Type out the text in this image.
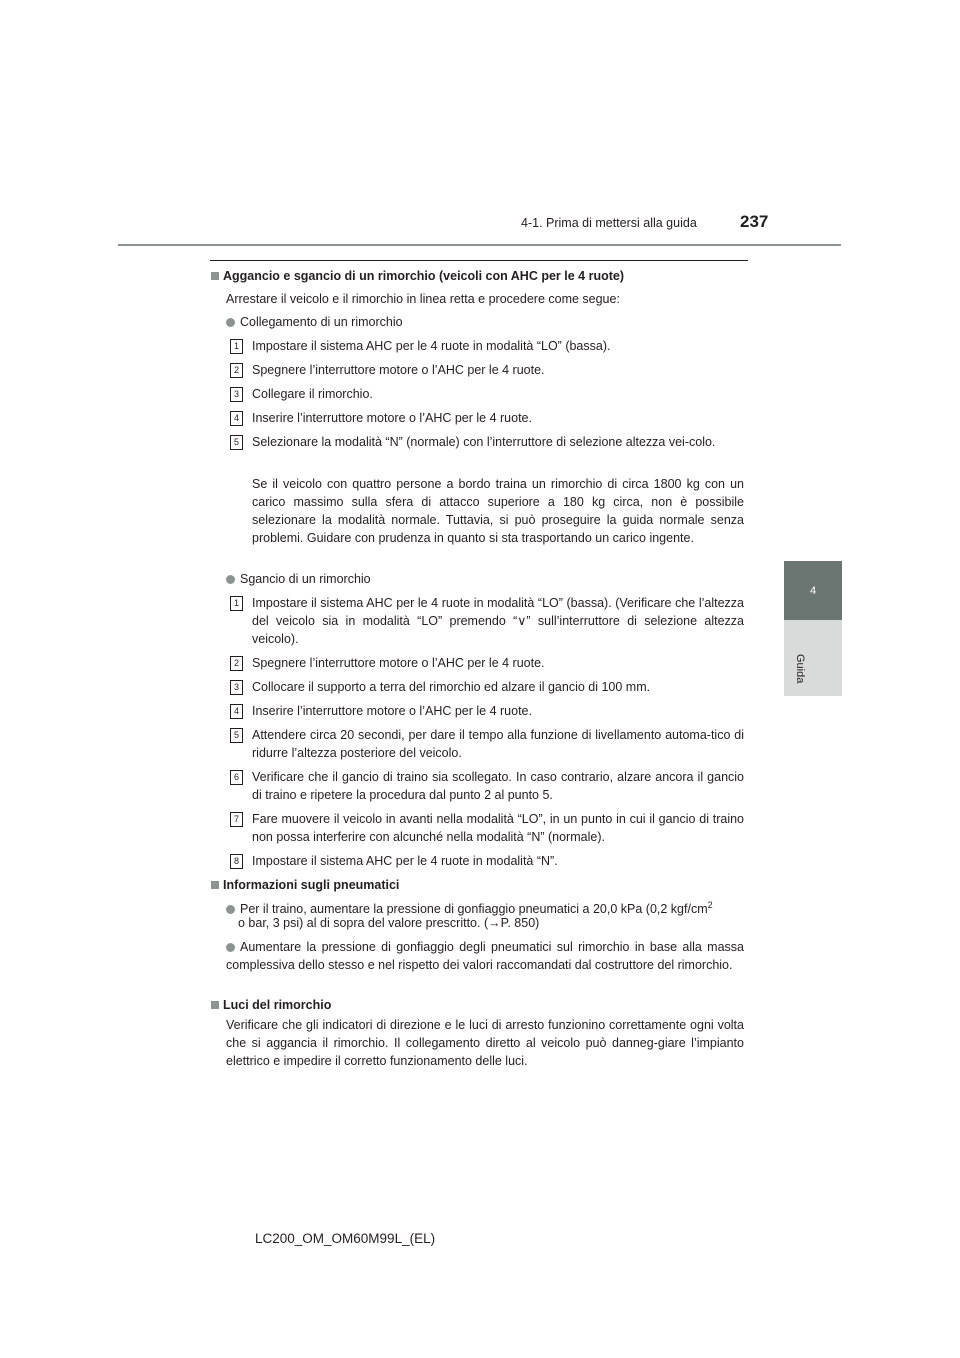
4-1. Prima di mettersi alla guida	237
4
Guida
Aggancio e sgancio di un rimorchio (veicoli con AHC per le 4 ruote)
Arrestare il veicolo e il rimorchio in linea retta e procedere come segue:
Collegamento di un rimorchio
1	Impostare il sistema AHC per le 4 ruote in modalità “LO” (bassa).
2	Spegnere l’interruttore motore o l’AHC per le 4 ruote.
3	Collegare il rimorchio.
4	Inserire l’interruttore motore o l’AHC per le 4 ruote.
5	Selezionare la modalità “N” (normale) con l’interruttore di selezione altezza vei-colo.
Se il veicolo con quattro persone a bordo traina un rimorchio di circa 1800 kg con un carico massimo sulla sfera di attacco superiore a 180 kg circa, non è possibile selezionare la modalità normale. Tuttavia, si può proseguire la guida normale senza problemi. Guidare con prudenza in quanto si sta trasportando un carico ingente.
Sgancio di un rimorchio
1	Impostare il sistema AHC per le 4 ruote in modalità “LO” (bassa). (Verificare che l’altezza del veicolo sia in modalità “LO” premendo “∨” sull’interruttore di selezione altezza veicolo).
2	Spegnere l’interruttore motore o l’AHC per le 4 ruote.
3	Collocare il supporto a terra del rimorchio ed alzare il gancio di 100 mm.
4	Inserire l’interruttore motore o l’AHC per le 4 ruote.
5	Attendere circa 20 secondi, per dare il tempo alla funzione di livellamento automa-tico di ridurre l’altezza posteriore del veicolo.
6	Verificare che il gancio di traino sia scollegato. In caso contrario, alzare ancora il gancio di traino e ripetere la procedura dal punto 2 al punto 5.
7	Fare muovere il veicolo in avanti nella modalità “LO”, in un punto in cui il gancio di traino non possa interferire con alcunché nella modalità “N” (normale).
8	Impostare il sistema AHC per le 4 ruote in modalità “N”.
Informazioni sugli pneumatici
Per il traino, aumentare la pressione di gonfiaggio pneumatici a 20,0 kPa (0,2 kgf/$cm^2$
o bar, 3 psi) al di sopra del valore prescritto. (→P. 850)
Aumentare la pressione di gonfiaggio degli pneumatici sul rimorchio in base alla massa complessiva dello stesso e nel rispetto dei valori raccomandati dal costruttore del rimorchio.
Luci del rimorchio
Verificare che gli indicatori di direzione e le luci di arresto funzionino correttamente ogni volta che si aggancia il rimorchio. Il collegamento diretto al veicolo può danneg-giare l’impianto elettrico e impedire il corretto funzionamento delle luci.
LC200_OM_OM60M99L_(EL)
